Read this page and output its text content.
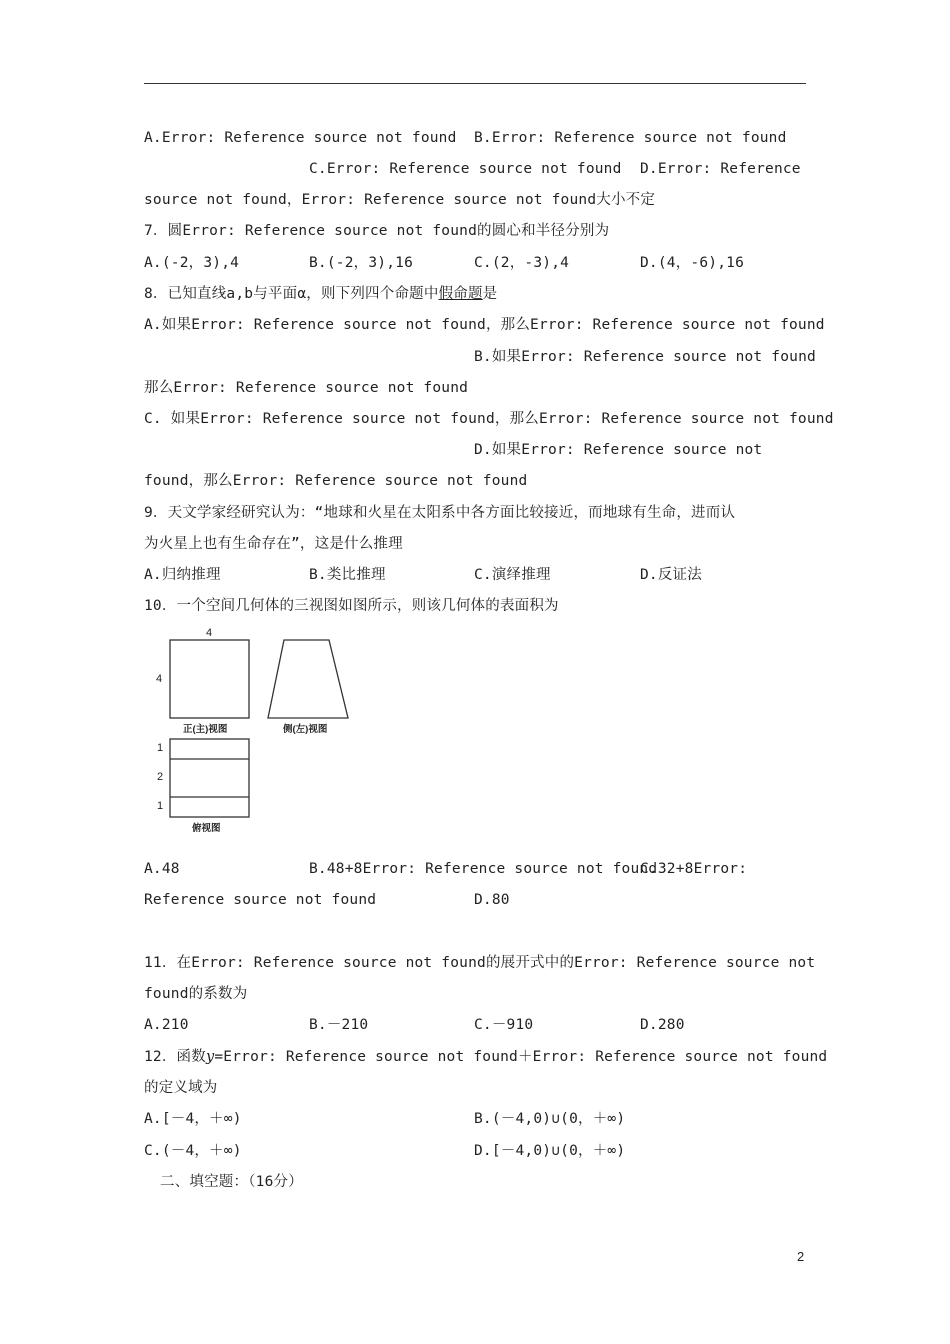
A.Error: Reference source not found B.Error: Reference source not found
C.Error: Reference source not found D.Error: Reference
source not found，Error: Reference source not found大小不定
7．圆Error: Reference source not found的圆心和半径分别为
A.(-2，3),4	B.(-2，3),16	C.(2，-3),4	D.(4，-6),16
8．已知直线a,b与平面α，则下列四个命题中假命题是
A.如果Error: Reference source not found，那么Error: Reference source not found
B.如果Error: Reference source not found
那么Error: Reference source not found
C. 如果Error: Reference source not found，那么Error: Reference source not found
D.如果Error: Reference source not
found，那么Error: Reference source not found
9．天文学家经研究认为：“地球和火星在太阳系中各方面比较接近，而地球有生命，进而认
为火星上也有生命存在”，这是什么推理
A.归纳推理	B.类比推理	C.演绎推理	D.反证法
10．一个空间几何体的三视图如图所示，则该几何体的表面积为
4
4
正(主)视图	侧(左)视图
1
2
1
俯视图
A.48	B.48+8Error: Reference source not found
C.32+8Error:
Reference source not found	D.80
11．在Error: Reference source not found的展开式中的Error: Reference source not
found的系数为
A.210	B.－210	C.－910	D.280
12．函数y=Error: Reference source not found＋Error: Reference source not found
的定义域为
A.[－4，＋∞)	B.(－4,0)∪(0，＋∞)
C.(－4，＋∞)	D.[－4,0)∪(0，＋∞)
二、填空题：（16分）
2
